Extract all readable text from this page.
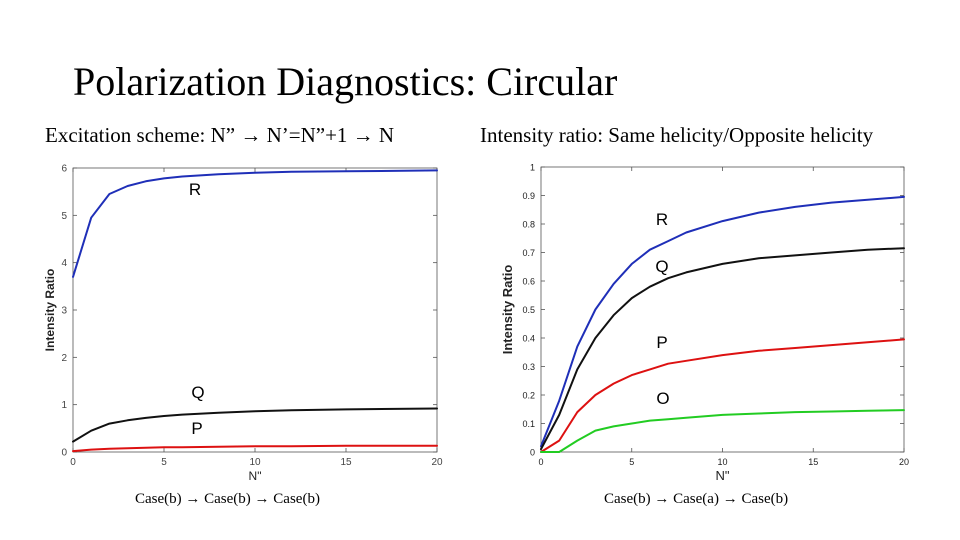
Polarization Diagnostics: Circular
Excitation scheme: N” → N’=N”+1 → N	Intensity ratio: Same helicity/Opposite helicity
0
1
2
3
4
5
6
0	5	10	15	20
N"
Intensity Ratio
R
Q
P
0
0.1
0.2
0.3
0.4
0.5
0.6
0.7
0.8
0.9
1
0	5	10	15	20
N"
Intensity Ratio
R
Q
P
O
Case(b) → Case(b) → Case(b)	Case(b) → Case(a) → Case(b)
